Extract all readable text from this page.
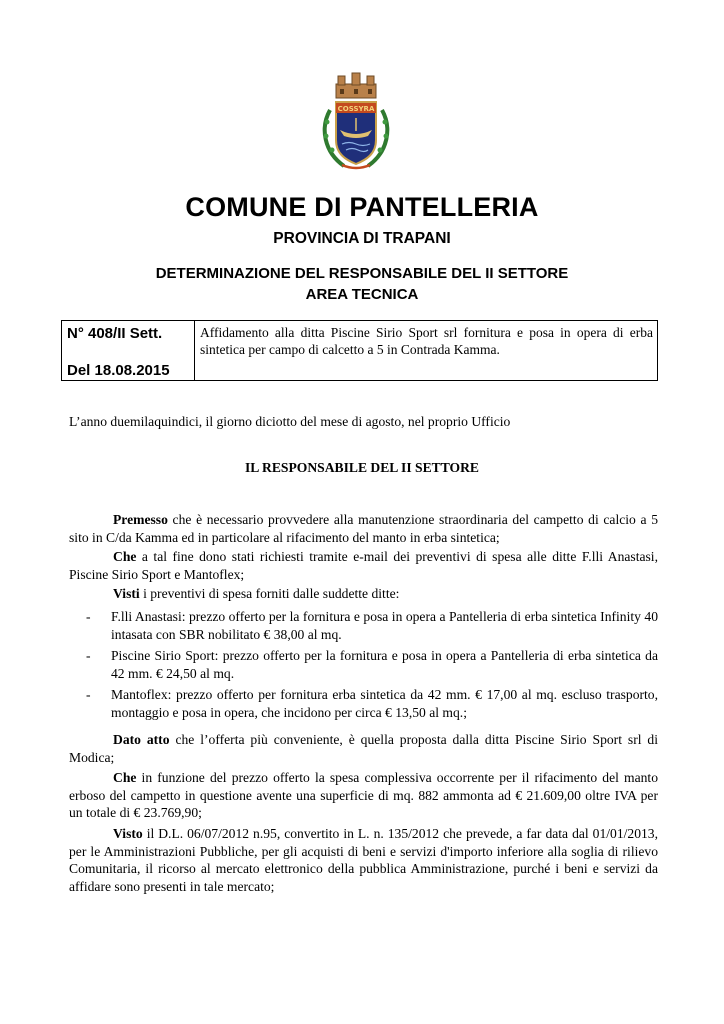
COSSYRA
COMUNE DI PANTELLERIA
PROVINCIA DI TRAPANI
DETERMINAZIONE DEL RESPONSABILE DEL II SETTORE
AREA TECNICA
N° 408/II Sett.
Del 18.08.2015
Affidamento alla ditta Piscine Sirio Sport srl fornitura e posa in opera di erba sintetica per campo di calcetto a 5 in Contrada Kamma.

L’anno duemilaquindici, il giorno diciotto del mese di agosto, nel proprio Ufficio

IL RESPONSABILE DEL II SETTORE

Premesso che è necessario provvedere alla manutenzione straordinaria del campetto di calcio a 5 sito in C/da Kamma ed in particolare al rifacimento del manto in erba sintetica;

Che a tal fine dono stati richiesti tramite e-mail dei preventivi di spesa alle ditte F.lli Anastasi, Piscine Sirio Sport e Mantoflex;

Visti i preventivi di spesa forniti dalle suddette ditte:

- F.lli Anastasi: prezzo offerto per la fornitura e posa in opera a Pantelleria di erba sintetica Infinity 40 intasata con SBR nobilitato € 38,00 al mq.
- Piscine Sirio Sport: prezzo offerto per la fornitura e posa in opera a Pantelleria di erba sintetica da 42 mm. € 24,50 al mq.
- Mantoflex: prezzo offerto per fornitura erba sintetica da 42 mm. € 17,00 al mq. escluso trasporto, montaggio e posa in opera, che incidono per circa € 13,50 al mq.;

Dato atto che l’offerta più conveniente, è quella proposta dalla ditta Piscine Sirio Sport srl di Modica;

Che in funzione del prezzo offerto la spesa complessiva occorrente per il rifacimento del manto erboso del campetto in questione avente una superficie di mq. 882 ammonta ad € 21.609,00 oltre IVA per un totale di € 23.769,90;

Visto il D.L. 06/07/2012 n.95, convertito in L. n. 135/2012 che prevede, a far data dal 01/01/2013, per le Amministrazioni Pubbliche, per gli acquisti di beni e servizi d'importo inferiore alla soglia di rilievo Comunitaria, il ricorso al mercato elettronico della pubblica Amministrazione, purché i beni e servizi da affidare sono presenti in tale mercato;
